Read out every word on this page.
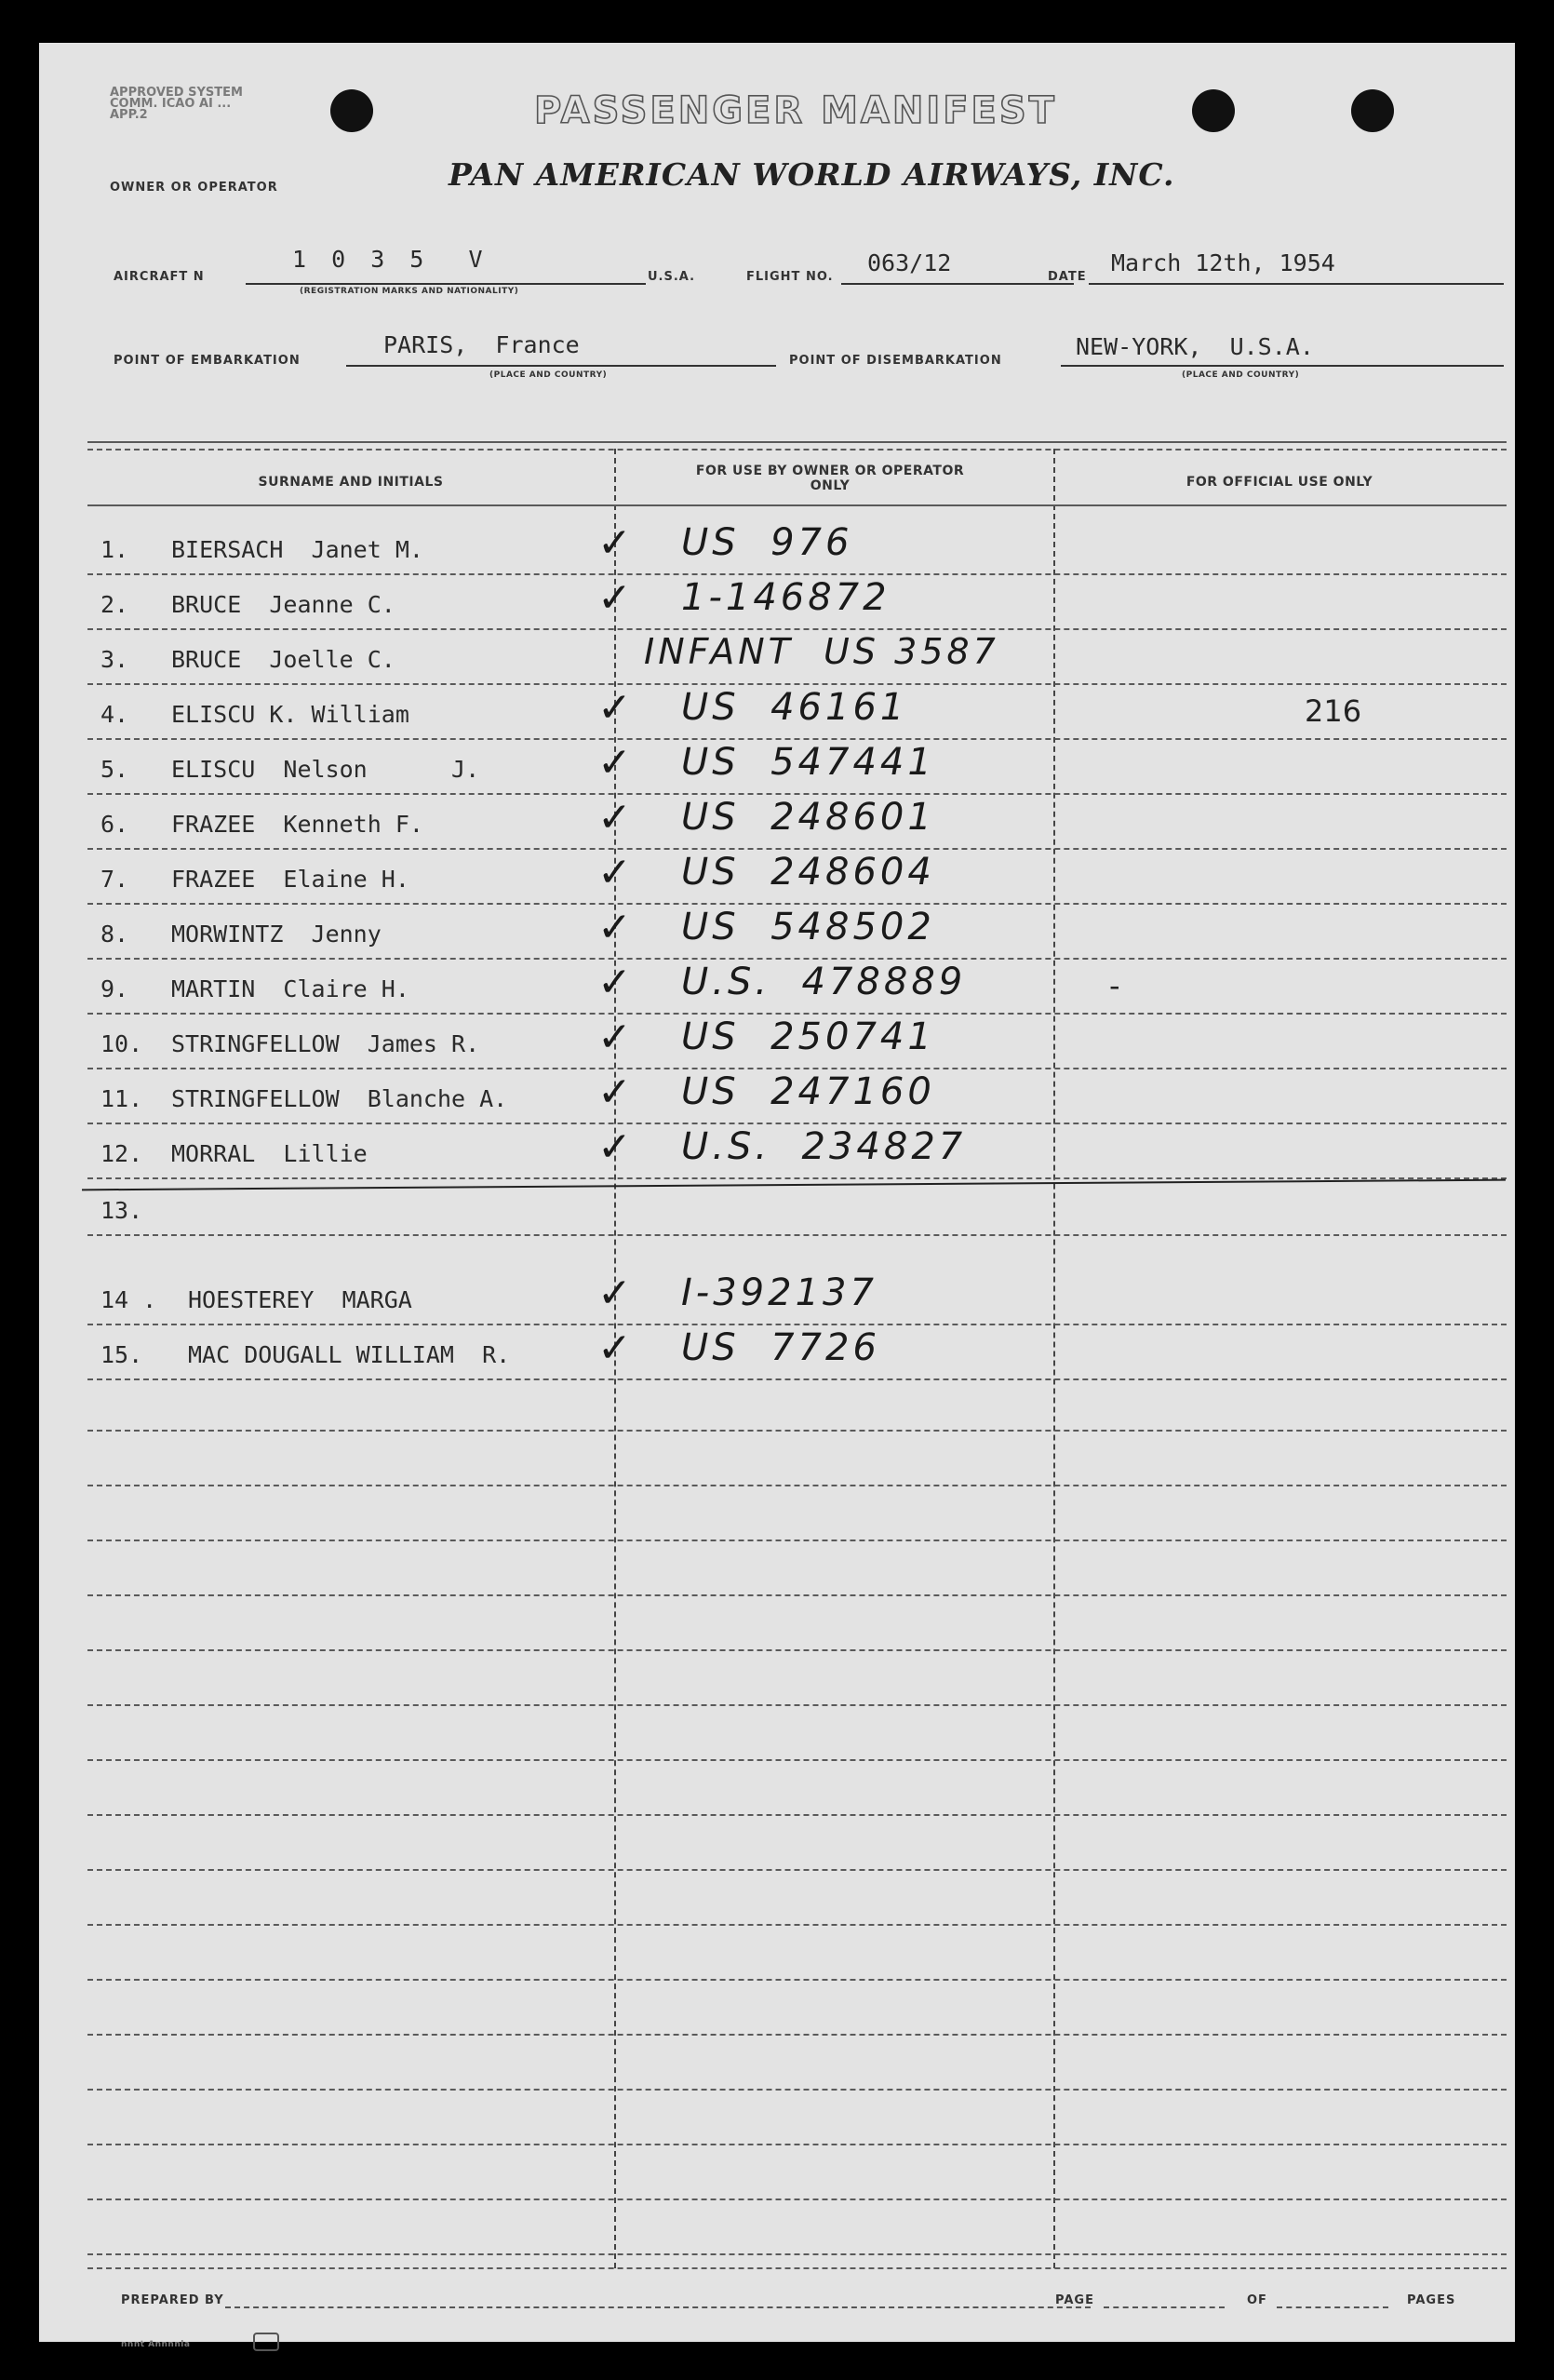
APPROVED SYSTEM COMM. ICAO AI ... APP.2	PASSENGER MANIFEST
PAN AMERICAN WORLD AIRWAYS, INC.
OWNER OR OPERATOR
AIRCRAFT N
1 0 3 5  V
(REGISTRATION MARKS AND NATIONALITY)
U.S.A.	FLIGHT NO.
063/12
DATE
March 12th, 1954
POINT OF EMBARKATION
PARIS,  France
(PLACE AND COUNTRY)
POINT OF DISEMBARKATION
NEW-YORK,  U.S.A.
(PLACE AND COUNTRY)
SURNAME AND INITIALS
FOR USE BY OWNER OR OPERATOR ONLY	FOR OFFICIAL USE ONLY
1. BIERSACH  Janet M.	✓ US  976
2. BRUCE  Jeanne C.	✓ 1-146872
3. BRUCE  Joelle C.	INFANT  US 3587
4. ELISCU K. William	✓ US  46161	216
5. ELISCU  Nelson      J.	✓ US  547441
6. FRAZEE  Kenneth F.	✓ US  248601
7. FRAZEE  Elaine H.	✓ US  248604
8. MORWINTZ  Jenny	✓ US  548502
9. MARTIN  Claire H.	✓ U.S.  478889	-
10. STRINGFELLOW  James R.	✓ US  250741
11. STRINGFELLOW  Blanche A. ✓ US  247160
12. MORRAL  Lillie	✓ U.S.  234827
13.
14 . HOESTEREY  MARGA	✓ I-392137
15. MAC DOUGALL WILLIAM  R. ✓ US  7726
PREPARED BY	PAGE	OF	PAGES
nnnt Annnnla
